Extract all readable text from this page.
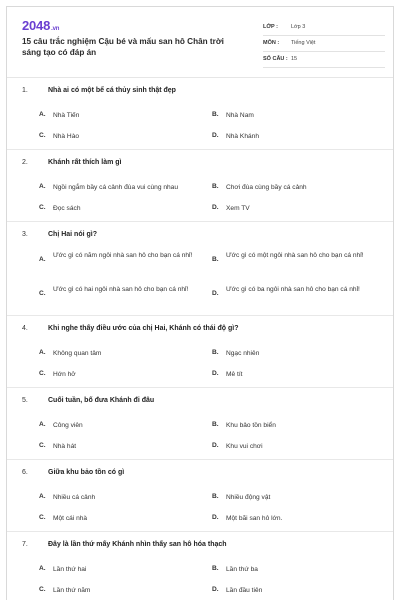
2048.vn
15 câu trắc nghiệm Cậu bé và mấu san hô Chân trời sáng tạo có đáp án
LỚP : Lớp 3
MÔN : Tiếng Việt
SỐ CÂU : 15
1.	Nhà ai có một bể cá thủy sinh thật đẹp
A. Nhà Tiến	B. Nhà Nam
C. Nhà Hào	D. Nhà Khánh
2.	Khánh rất thích làm gì
A. Ngồi ngắm bầy cá cảnh đùa vui cùng nhau	B. Chơi đùa cùng bầy cá cảnh
C. Đọc sách	D. Xem TV
3.	Chị Hai nói gì?
A.
Ước gì có năm ngôi nhà san hô cho bạn cá nhỉ!
B.
Ước gì có một ngôi nhà san hô cho bạn cá nhỉ!
C.
Ước gì có hai ngôi nhà san hô cho bạn cá nhỉ!
D.
Ước gì có ba ngôi nhà san hô cho bạn cá nhỉ!
4.	Khi nghe thấy điều ước của chị Hai, Khánh có thái độ gì?
A. Không quan tâm	B. Ngạc nhiên
C. Hớn hở	D. Mê tít
5.	Cuối tuần, bố đưa Khánh đi đâu
A. Công viên	B. Khu bảo tồn biển
C. Nhà hát	D. Khu vui chơi
6.	Giữa khu bảo tồn có gì
A. Nhiều cá cảnh	B. Nhiều động vật
C. Một cái nhà	D. Một bãi san hô lớn.
7.	Đây là lần thứ mấy Khánh nhìn thấy san hô hóa thạch
A. Lần thứ hai	B. Lần thứ ba
C. Lần thứ năm	D. Lần đầu tiên
